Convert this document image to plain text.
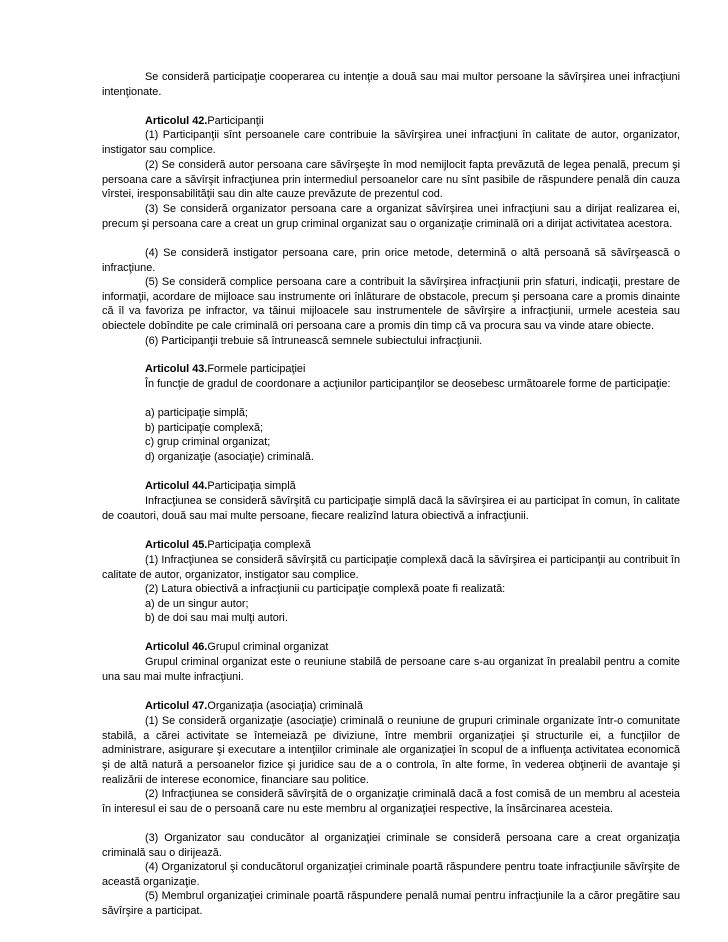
Se consideră participaţie cooperarea cu intenţie a două sau mai multor persoane la săvîrşirea unei infracţiuni intenţionate.

Articolul 42.Participanţii

(1) Participanţii sînt persoanele care contribuie la săvîrşirea unei infracţiuni în calitate de autor, organizator, instigator sau complice.

(2) Se consideră autor persoana care săvîrşeşte în mod nemijlocit fapta prevăzută de legea penală, precum şi persoana care a săvîrşit infracţiunea prin intermediul persoanelor care nu sînt pasibile de răspundere penală din cauza vîrstei, iresponsabilităţii sau din alte cauze prevăzute de prezentul cod.

(3) Se consideră organizator persoana care a organizat săvîrşirea unei infracţiuni sau a dirijat realizarea ei, precum şi persoana care a creat un grup criminal organizat sau o organizaţie criminală ori a dirijat activitatea acestora.

(4) Se consideră instigator persoana care, prin orice metode, determină o altă persoană să săvîrşească o infracţiune.

(5) Se consideră complice persoana care a contribuit la săvîrşirea infracţiunii prin sfaturi, indicaţii, prestare de informaţii, acordare de mijloace sau instrumente ori înlăturare de obstacole, precum şi persoana care a promis dinainte că îl va favoriza pe infractor, va tăinui mijloacele sau instrumentele de săvîrşire a infracţiunii, urmele acesteia sau obiectele dobîndite pe cale criminală ori persoana care a promis din timp că va procura sau va vinde atare obiecte.

(6) Participanţii trebuie să întrunească semnele subiectului infracţiunii.

Articolul 43.Formele participaţiei

În funcţie de gradul de coordonare a acţiunilor participanţilor se deosebesc următoarele forme de participaţie:

a) participaţie simplă;

b) participaţie complexă;

c) grup criminal organizat;

d) organizaţie (asociaţie) criminală.

Articolul 44.Participaţia simplă

Infracţiunea se consideră săvîrşită cu participaţie simplă dacă la săvîrşirea ei au participat în comun, în calitate de coautori, două sau mai multe persoane, fiecare realizînd latura obiectivă a infracţiunii.

Articolul 45.Participaţia complexă

(1) Infracţiunea se consideră săvîrşită cu participaţie complexă dacă la săvîrşirea ei participanţii au contribuit în calitate de autor, organizator, instigator sau complice.

(2) Latura obiectivă a infracţiunii cu participaţie complexă poate fi realizată:

a) de un singur autor;

b) de doi sau mai mulţi autori.

Articolul 46.Grupul criminal organizat

Grupul criminal organizat este o reuniune stabilă de persoane care s-au organizat în prealabil pentru a comite una sau mai multe infracţiuni.

Articolul 47.Organizaţia (asociaţia) criminală

(1) Se consideră organizaţie (asociaţie) criminală o reuniune de grupuri criminale organizate într-o comunitate stabilă, a cărei activitate se întemeiază pe diviziune, între membrii organizaţiei şi structurile ei, a funcţiilor de administrare, asigurare şi executare a intenţiilor criminale ale organizaţiei în scopul de a influenţa activitatea economică şi de altă natură a persoanelor fizice şi juridice sau de a o controla, în alte forme, în vederea obţinerii de avantaje şi realizării de interese economice, financiare sau politice.

(2) Infracţiunea se consideră săvîrşită de o organizaţie criminală dacă a fost comisă de un membru al acesteia în interesul ei sau de o persoană care nu este membru al organizaţiei respective, la însărcinarea acesteia.

(3) Organizator sau conducător al organizaţiei criminale se consideră persoana care a creat organizaţia criminală sau o dirijează.

(4) Organizatorul şi conducătorul organizaţiei criminale poartă răspundere pentru toate infracţiunile săvîrşite de această organizaţie.

(5) Membrul organizaţiei criminale poartă răspundere penală numai pentru infracţiunile la a căror pregătire sau săvîrşire a participat.
